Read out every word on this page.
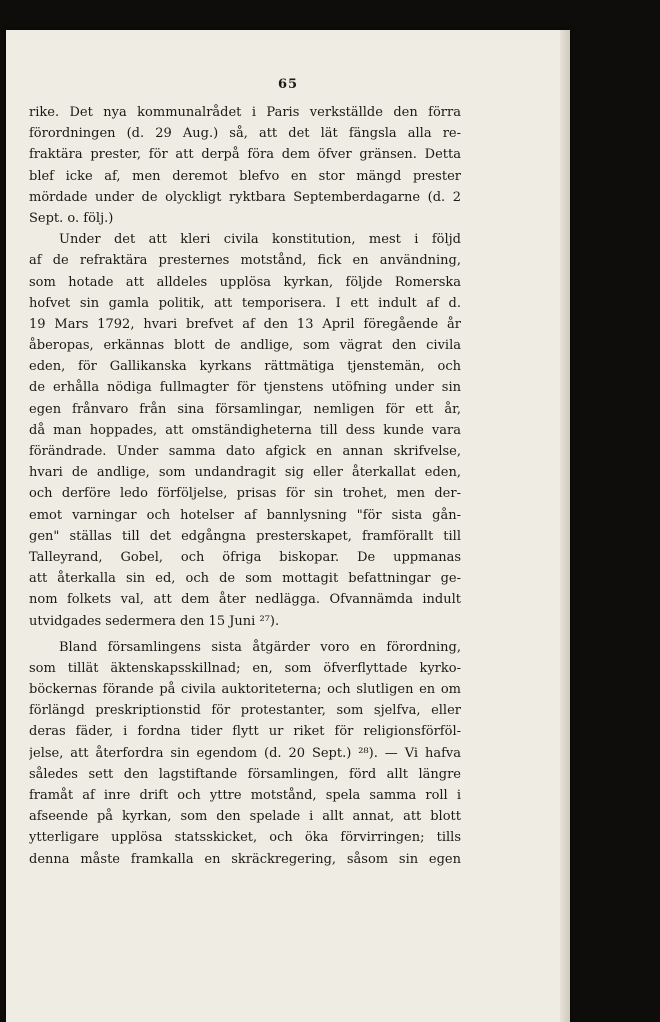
65
rike. Det nya kommunalrådet i Paris verkställde den förra
förordningen (d. 29 Aug.) så, att det lät fängsla alla re-
fraktära prester, för att derpå föra dem öfver gränsen. Detta
blef icke af, men deremot blefvo en stor mängd prester
mördade under de olyckligt ryktbara Septemberdagarne (d. 2
Sept. o. följ.)
Under det att kleri civila konstitution, mest i följd
af de refraktära presternes motstånd, fick en användning,
som hotade att alldeles upplösa kyrkan, följde Romerska
hofvet sin gamla politik, att temporisera. I ett indult af d.
19 Mars 1792, hvari brefvet af den 13 April föregående år
åberopas, erkännas blott de andlige, som vägrat den civila
eden, för Gallikanska kyrkans rättmätiga tjenstemän, och
de erhålla nödiga fullmagter för tjenstens utöfning under sin
egen frånvaro från sina församlingar, nemligen för ett år,
då man hoppades, att omständigheterna till dess kunde vara
förändrade. Under samma dato afgick en annan skrifvelse,
hvari de andlige, som undandragit sig eller återkallat eden,
och derföre ledo förföljelse, prisas för sin trohet, men der-
emot varningar och hotelser af bannlysning "för sista gån-
gen" ställas till det edgångna presterskapet, framförallt till
Talleyrand, Gobel, och öfriga biskopar. De uppmanas
att återkalla sin ed, och de som mottagit befattningar ge-
nom folkets val, att dem åter nedlägga. Ofvannämda indult
utvidgades sedermera den 15 Juni ²⁷).
Bland församlingens sista åtgärder voro en förordning,
som tillät äktenskapsskillnad; en, som öfverflyttade kyrko-
böckernas förande på civila auktoriteterna; och slutligen en om
förlängd preskriptionstid för protestanter, som sjelfva, eller
deras fäder, i fordna tider flytt ur riket för religionsförföl-
jelse, att återfordra sin egendom (d. 20 Sept.) ²⁸). — Vi hafva
således sett den lagstiftande församlingen, förd allt längre
framåt af inre drift och yttre motstånd, spela samma roll i
afseende på kyrkan, som den spelade i allt annat, att blott
ytterligare upplösa statsskicket, och öka förvirringen; tills
denna måste framkalla en skräckregering, såsom sin egen
